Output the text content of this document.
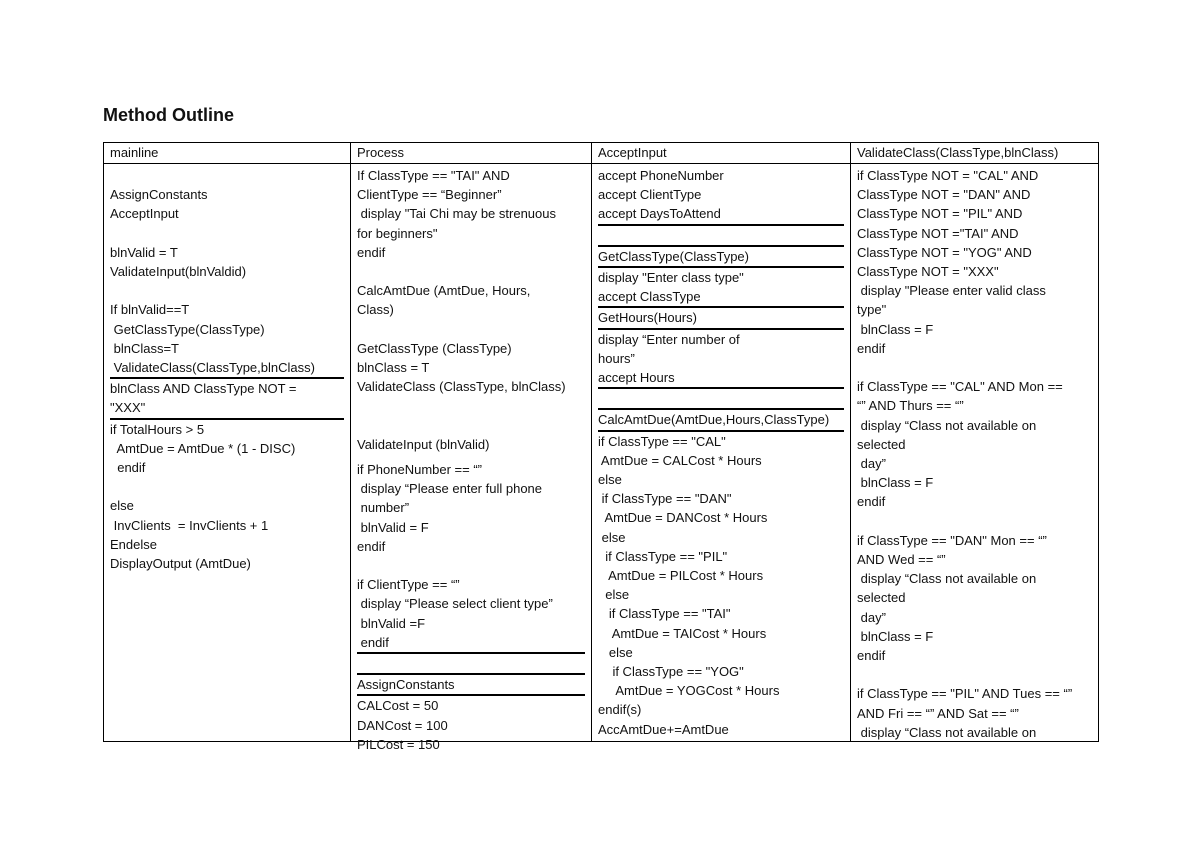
Method Outline
mainline
AssignConstants
AcceptInput
blnValid = T
ValidateInput(blnValdid)
If blnValid==T
GetClassType(ClassType)
blnClass=T
ValidateClass(ClassType,blnClass)
blnClass AND ClassType NOT =
"XXX"
if TotalHours > 5
AmtDue = AmtDue * (1 - DISC)
endif
else
InvClients  = InvClients + 1
Endelse
DisplayOutput (AmtDue)
Process
If ClassType == "TAI" AND
ClientType == “Beginner”
display "Tai Chi may be strenuous
for beginners"
endif
CalcAmtDue (AmtDue, Hours,
Class)
GetClassType (ClassType)
blnClass = T
ValidateClass (ClassType, blnClass)
ValidateInput (blnValid)
if PhoneNumber == “”
display “Please enter full phone
number”
blnValid = F
endif
if ClientType == “”
display “Please select client type”
blnValid =F
endif
AssignConstants
CALCost = 50
DANCost = 100
PILCost = 150
AcceptInput
accept PhoneNumber
accept ClientType
accept DaysToAttend
GetClassType(ClassType)
display "Enter class type"
accept ClassType
GetHours(Hours)
display “Enter number of
hours”
accept Hours
CalcAmtDue(AmtDue,Hours,ClassType)
if ClassType == "CAL"
AmtDue = CALCost * Hours
else
if ClassType == "DAN"
AmtDue = DANCost * Hours
else
if ClassType == "PIL"
AmtDue = PILCost * Hours
else
if ClassType == "TAI"
AmtDue = TAICost * Hours
else
if ClassType == "YOG"
AmtDue = YOGCost * Hours
endif(s)
AccAmtDue+=AmtDue
ValidateClass(ClassType,blnClass)
if ClassType NOT = "CAL" AND
ClassType NOT = "DAN" AND
ClassType NOT = "PIL" AND
ClassType NOT ="TAI" AND
ClassType NOT = "YOG" AND
ClassType NOT = "XXX"
display "Please enter valid class
type"
blnClass = F
endif
if ClassType == "CAL" AND Mon ==
“” AND Thurs == “”
display “Class not available on
selected
day”
blnClass = F
endif
if ClassType == "DAN" Mon == “”
AND Wed == “”
display “Class not available on
selected
day”
blnClass = F
endif
if ClassType == "PIL" AND Tues == “”
AND Fri == “” AND Sat == “”
display “Class not available on
